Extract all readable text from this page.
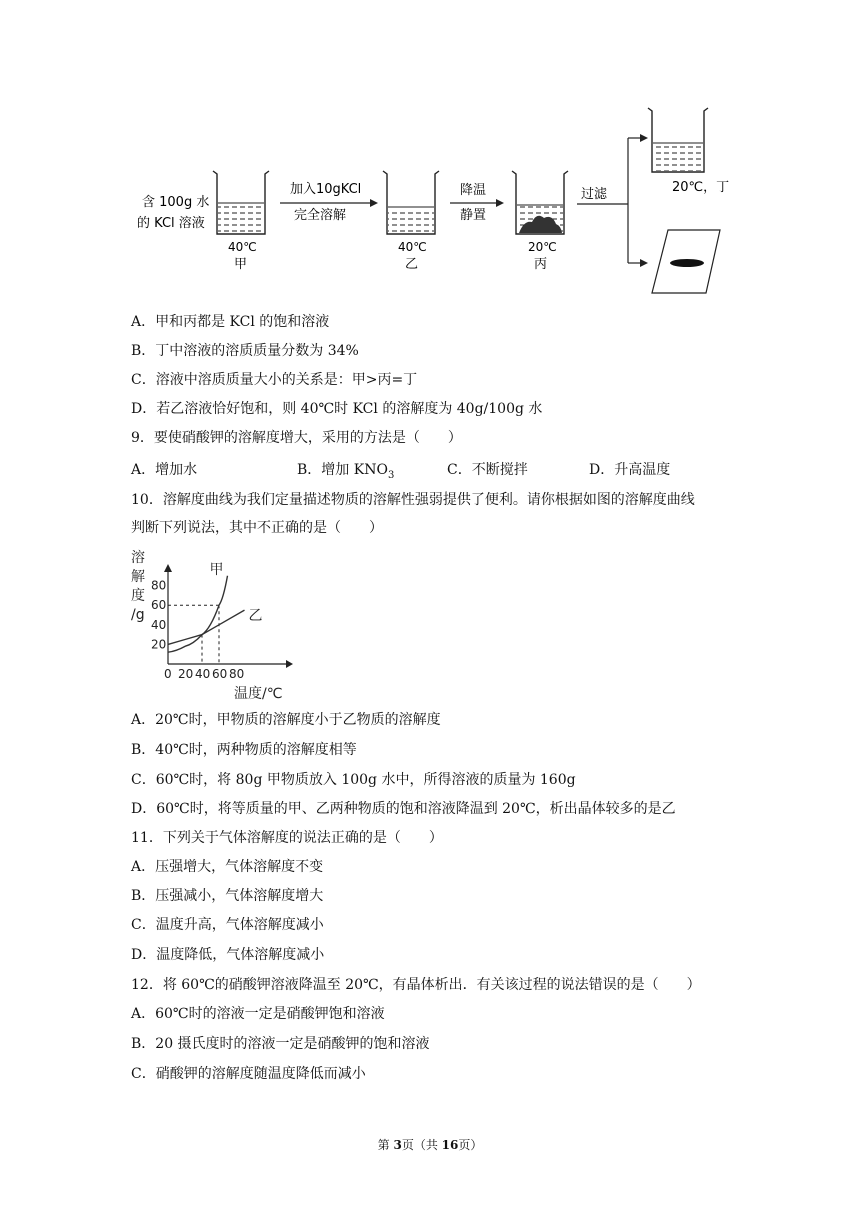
含 100g 水
的 KCl 溶液
40℃
甲
加入10gKCl
完全溶解
40℃
乙
降温
静置
20℃
丙
过滤	20℃，丁
A．甲和丙都是 KCl 的饱和溶液
B．丁中溶液的溶质质量分数为 34%
C．溶液中溶质质量大小的关系是：甲>丙=丁
D．若乙溶液恰好饱和，则 40℃时 KCl 的溶解度为 40g/100g 水
9．要使硝酸钾的溶解度增大，采用的方法是（　　）
A．增加水	B．增加 $KNO_3$	C．不断搅拌	D．升高温度
10．溶解度曲线为我们定量描述物质的溶解性强弱提供了便利。请你根据如图的溶解度曲线
判断下列说法，其中不正确的是（　　）
溶
解
度
/g
0 20 40 60 80
20
40
60
80
温度/℃
甲
乙
A．20℃时，甲物质的溶解度小于乙物质的溶解度
B．40℃时，两种物质的溶解度相等
C．60℃时，将 80g 甲物质放入 100g 水中，所得溶液的质量为 160g
D．60℃时，将等质量的甲、乙两种物质的饱和溶液降温到 20℃，析出晶体较多的是乙
11．下列关于气体溶解度的说法正确的是（　　）
A．压强增大，气体溶解度不变
B．压强减小，气体溶解度增大
C．温度升高，气体溶解度减小
D．温度降低，气体溶解度减小
12．将 60℃的硝酸钾溶液降温至 20℃，有晶体析出．有关该过程的说法错误的是（　　）
A．60℃时的溶液一定是硝酸钾饱和溶液
B．20 摄氏度时的溶液一定是硝酸钾的饱和溶液
C．硝酸钾的溶解度随温度降低而减小
第 3页（共 16页）
